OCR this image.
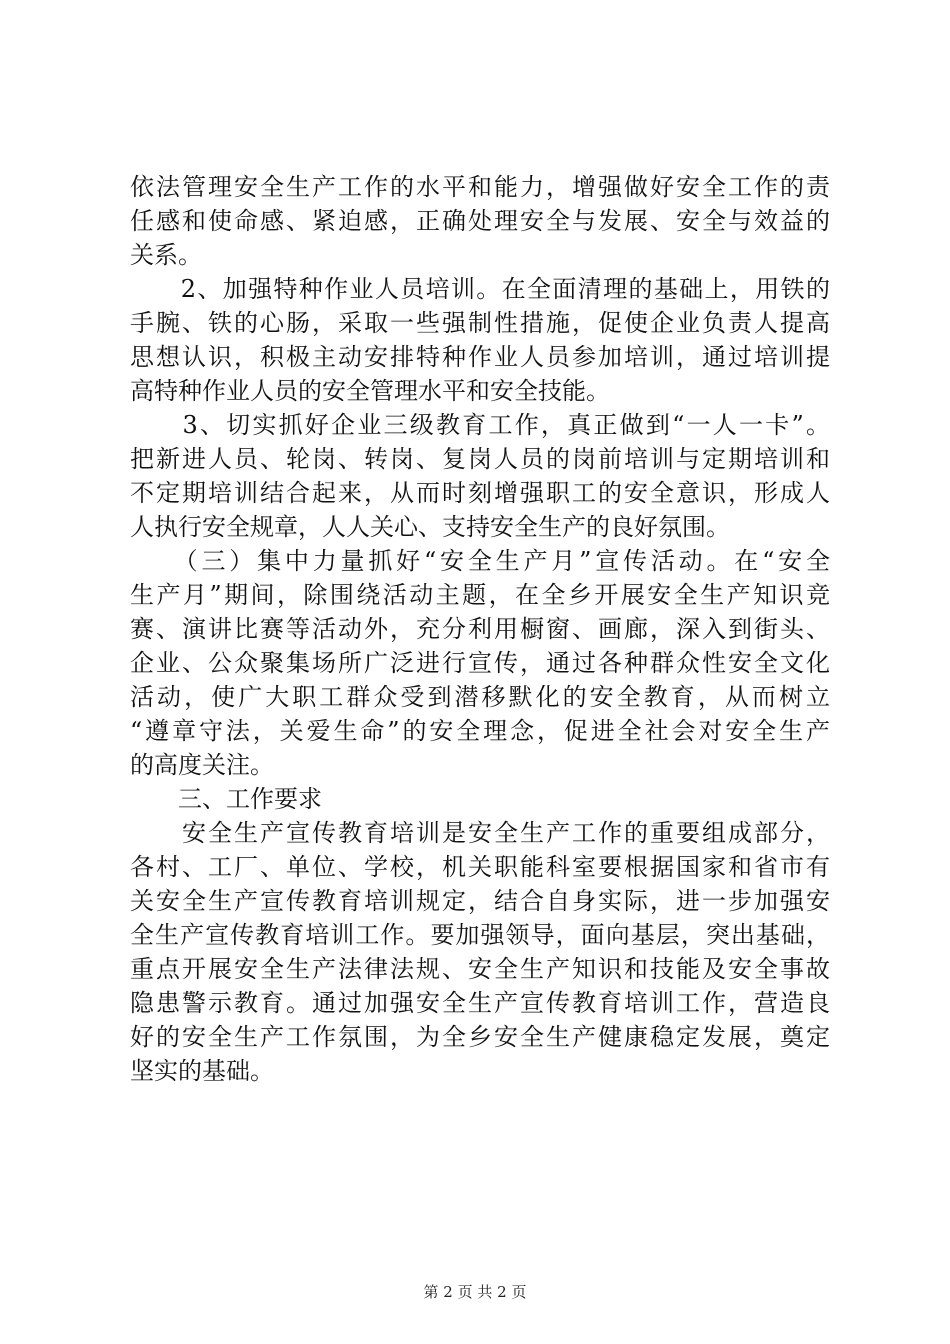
依法管理安全生产工作的水平和能力，增强做好安全工作的责
任感和使命感、紧迫感，正确处理安全与发展、安全与效益的
关系。
　　2、加强特种作业人员培训。在全面清理的基础上，用铁的
手腕、铁的心肠，采取一些强制性措施，促使企业负责人提高
思想认识，积极主动安排特种作业人员参加培训，通过培训提
高特种作业人员的安全管理水平和安全技能。
　　3、切实抓好企业三级教育工作，真正做到“一人一卡”。
把新进人员、轮岗、转岗、复岗人员的岗前培训与定期培训和
不定期培训结合起来，从而时刻增强职工的安全意识，形成人
人执行安全规章，人人关心、支持安全生产的良好氛围。
　　（三）集中力量抓好“安全生产月”宣传活动。在“安全
生产月”期间，除围绕活动主题，在全乡开展安全生产知识竞
赛、演讲比赛等活动外，充分利用橱窗、画廊，深入到街头、
企业、公众聚集场所广泛进行宣传，通过各种群众性安全文化
活动，使广大职工群众受到潜移默化的安全教育，从而树立
“遵章守法，关爱生命”的安全理念，促进全社会对安全生产
的高度关注。
　　三、工作要求
　　安全生产宣传教育培训是安全生产工作的重要组成部分，
各村、工厂、单位、学校，机关职能科室要根据国家和省市有
关安全生产宣传教育培训规定，结合自身实际，进一步加强安
全生产宣传教育培训工作。要加强领导，面向基层，突出基础，
重点开展安全生产法律法规、安全生产知识和技能及安全事故
隐患警示教育。通过加强安全生产宣传教育培训工作，营造良
好的安全生产工作氛围，为全乡安全生产健康稳定发展，奠定
坚实的基础。
第 2 页 共 2 页
